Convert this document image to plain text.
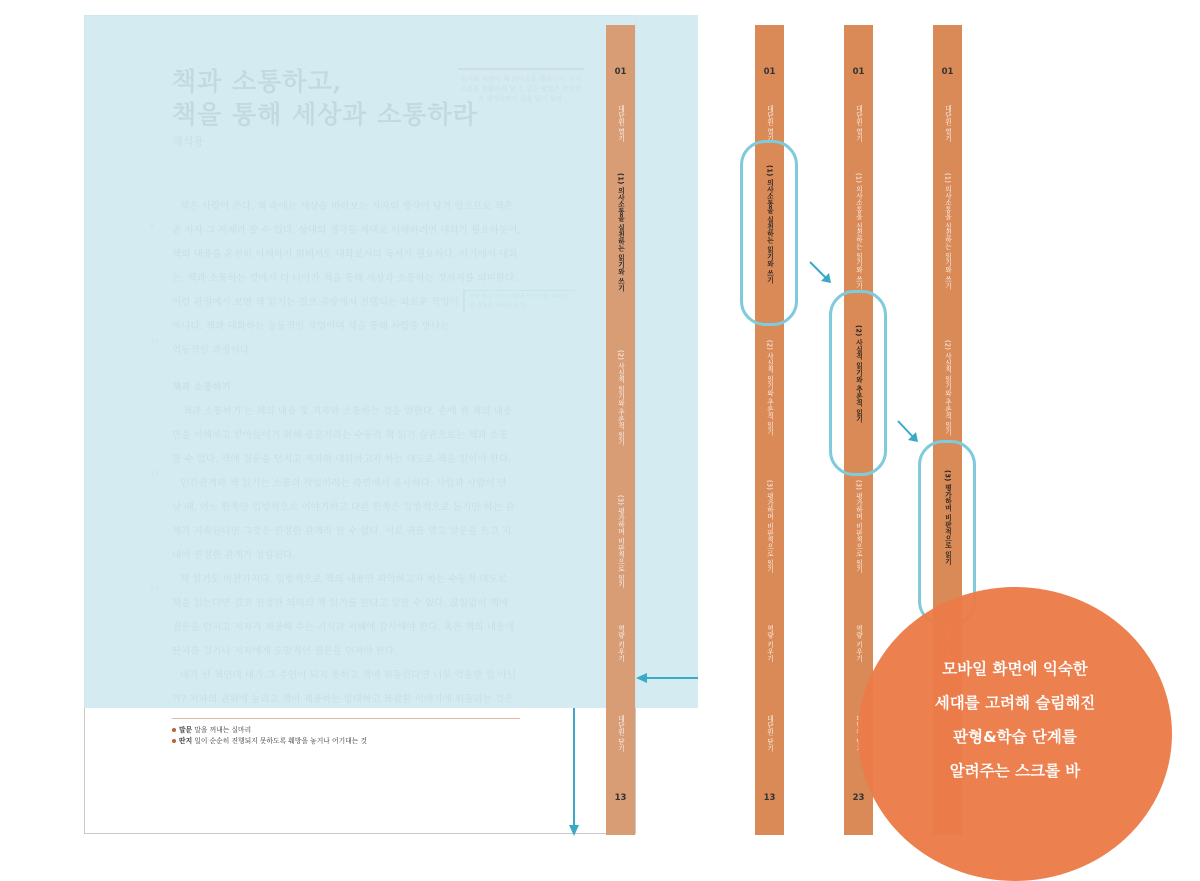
말문 말을 꺼내는 실마리
딴지 일이 순순히 진행되지 못하도록 훼방을 놓거나 어기대는 것
01
대단원 열기
(1) 의사소통을 실천하는 읽기와 쓰기
(2) 사실적 읽기와 추론적 읽기
(3) 평가하며 비판적으로 읽기
역량 키우기
대단원 닫기
13
01
대단원 열기
(1) 의사소통을 실천하는 읽기와 쓰기
(2) 사실적 읽기와 추론적 읽기
(3) 평가하며 비판적으로 읽기
역량 키우기
대단원 닫기
13
01
대단원 열기
(1) 의사소통을 실천하는 읽기와 쓰기
(2) 사실적 읽기와 추론적 읽기
(3) 평가하며 비판적으로 읽기
역량 키우기
23
01
대단원 열기
(1) 의사소통을 실천하는 읽기와 쓰기
(2) 사실적 읽기와 추론적 읽기
(3) 평가하며 비판적으로 읽기
모바일 화면에 익숙한
세대를 고려해 슬림해진
판형&학습 단계를
알려주는 스크롤 바
